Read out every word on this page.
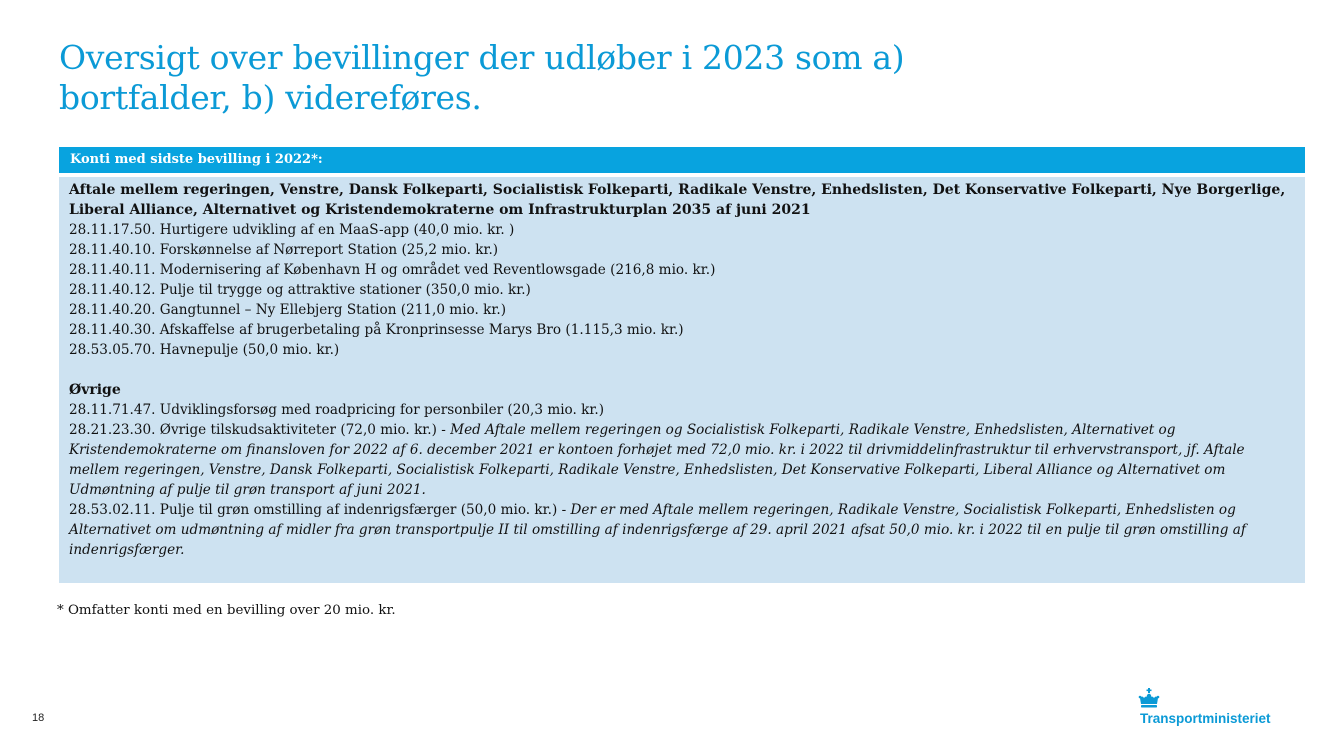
Oversigt over bevillinger der udløber i 2023 som a)
bortfalder, b) videreføres.
Konti med sidste bevilling i 2022*:

Aftale mellem regeringen, Venstre, Dansk Folkeparti, Socialistisk Folkeparti, Radikale Venstre, Enhedslisten, Det Konservative Folkeparti, Nye Borgerlige, Liberal Alliance, Alternativet og Kristendemokraterne om Infrastrukturplan 2035 af juni 2021

28.11.17.50. Hurtigere udvikling af en MaaS-app (40,0 mio. kr. )

28.11.40.10. Forskønnelse af Nørreport Station (25,2 mio. kr.)

28.11.40.11. Modernisering af København H og området ved Reventlowsgade (216,8 mio. kr.)

28.11.40.12. Pulje til trygge og attraktive stationer (350,0 mio. kr.)

28.11.40.20. Gangtunnel – Ny Ellebjerg Station (211,0 mio. kr.)

28.11.40.30. Afskaffelse af brugerbetaling på Kronprinsesse Marys Bro (1.115,3 mio. kr.)

28.53.05.70. Havnepulje (50,0 mio. kr.)

Øvrige

28.11.71.47. Udviklingsforsøg med roadpricing for personbiler (20,3 mio. kr.)

28.21.23.30. Øvrige tilskudsaktiviteter (72,0 mio. kr.) - Med Aftale mellem regeringen og Socialistisk Folkeparti, Radikale Venstre, Enhedslisten, Alternativet og Kristendemokraterne om finansloven for 2022 af 6. december 2021 er kontoen forhøjet med 72,0 mio. kr. i 2022 til drivmiddelinfrastruktur til erhvervstransport, jf. Aftale mellem regeringen, Venstre, Dansk Folkeparti, Socialistisk Folkeparti, Radikale Venstre, Enhedslisten, Det Konservative Folkeparti, Liberal Alliance og Alternativet om Udmøntning af pulje til grøn transport af juni 2021.

28.53.02.11. Pulje til grøn omstilling af indenrigsfærger (50,0 mio. kr.) - Der er med Aftale mellem regeringen, Radikale Venstre, Socialistisk Folkeparti, Enhedslisten og Alternativet om udmøntning af midler fra grøn transportpulje II til omstilling af indenrigsfærge af 29. april 2021 afsat 50,0 mio. kr. i 2022 til en pulje til grøn omstilling af indenrigsfærger.

* Omfatter konti med en bevilling over 20 mio. kr.
18	Transportministeriet
